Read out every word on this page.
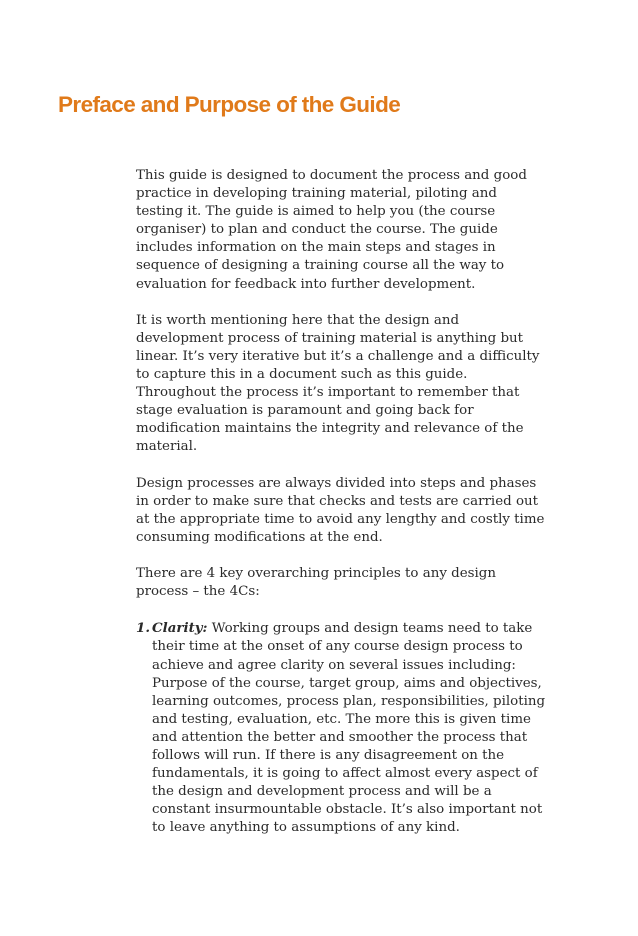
Preface and Purpose of the Guide

This guide is designed to document the process and good practice in developing training material, piloting and testing it. The guide is aimed to help you (the course organiser) to plan and conduct the course. The guide includes information on the main steps and stages in sequence of designing a training course all the way to evaluation for feedback into further development.

It is worth mentioning here that the design and development process of training material is anything but linear. It’s very iterative but it’s a challenge and a difficulty to capture this in a document such as this guide. Throughout the process it’s important to remember that stage evaluation is paramount and going back for modification maintains the integrity and relevance of the material.

Design processes are always divided into steps and phases in order to make sure that checks and tests are carried out at the appropriate time to avoid any lengthy and costly time consuming modifications at the end.

There are 4 key overarching principles to any design process – the 4Cs:

1. Clarity: Working groups and design teams need to take their time at the onset of any course design process to achieve and agree clarity on several issues including: Purpose of the course, target group, aims and objectives, learning outcomes, process plan, responsibilities, piloting and testing, evaluation, etc. The more this is given time and attention the better and smoother the process that follows will run. If there is any disagreement on the fundamentals, it is going to affect almost every aspect of the design and development process and will be a constant insurmountable obstacle. It’s also important not to leave anything to assumptions of any kind.
